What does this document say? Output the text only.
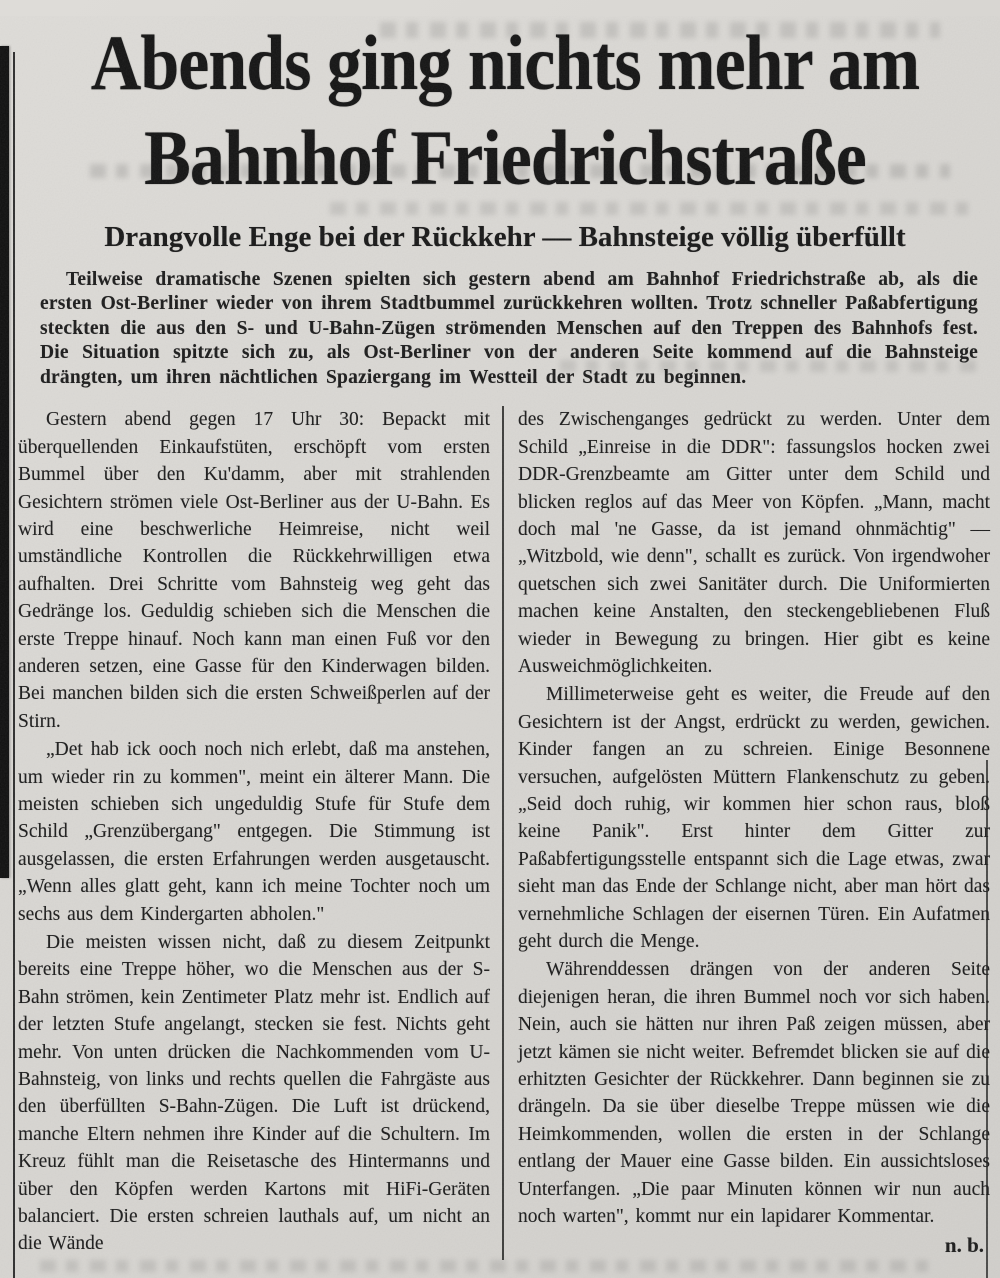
Abends ging nichts mehr am
Bahnhof Friedrichstraße
Drangvolle Enge bei der Rückkehr — Bahnsteige völlig überfüllt

Teilweise dramatische Szenen spielten sich gestern abend am Bahnhof Friedrichstraße ab, als die ersten Ost-Berliner wieder von ihrem Stadtbummel zurückkehren wollten. Trotz schneller Paßabfertigung steckten die aus den S- und U-Bahn-Zügen strömenden Menschen auf den Treppen des Bahnhofs fest. Die Situation spitzte sich zu, als Ost-Berliner von der anderen Seite kommend auf die Bahnsteige drängten, um ihren nächtlichen Spaziergang im Westteil der Stadt zu beginnen.

Gestern abend gegen 17 Uhr 30: Bepackt mit überquellenden Einkaufstüten, erschöpft vom ersten Bummel über den Ku'damm, aber mit strahlenden Gesichtern strömen viele Ost-Berliner aus der U-Bahn. Es wird eine beschwerliche Heimreise, nicht weil umständliche Kontrollen die Rückkehrwilligen etwa aufhalten. Drei Schritte vom Bahnsteig weg geht das Gedränge los. Geduldig schieben sich die Menschen die erste Treppe hinauf. Noch kann man einen Fuß vor den anderen setzen, eine Gasse für den Kinderwagen bilden. Bei manchen bilden sich die ersten Schweißperlen auf der Stirn.

„Det hab ick ooch noch nich erlebt, daß ma anstehen, um wieder rin zu kommen", meint ein älterer Mann. Die meisten schieben sich ungeduldig Stufe für Stufe dem Schild „Grenzübergang" entgegen. Die Stimmung ist ausgelassen, die ersten Erfahrungen werden ausgetauscht. „Wenn alles glatt geht, kann ich meine Tochter noch um sechs aus dem Kindergarten abholen."

Die meisten wissen nicht, daß zu diesem Zeitpunkt bereits eine Treppe höher, wo die Menschen aus der S-Bahn strömen, kein Zentimeter Platz mehr ist. Endlich auf der letzten Stufe angelangt, stecken sie fest. Nichts geht mehr. Von unten drücken die Nachkommenden vom U-Bahnsteig, von links und rechts quellen die Fahrgäste aus den überfüllten S-Bahn-Zügen. Die Luft ist drückend, manche Eltern nehmen ihre Kinder auf die Schultern. Im Kreuz fühlt man die Reisetasche des Hintermanns und über den Köpfen werden Kartons mit HiFi-Geräten balanciert. Die ersten schreien lauthals auf, um nicht an die Wände

des Zwischenganges gedrückt zu werden. Unter dem Schild „Einreise in die DDR": fassungslos hocken zwei DDR-Grenzbeamte am Gitter unter dem Schild und blicken reglos auf das Meer von Köpfen. „Mann, macht doch mal 'ne Gasse, da ist jemand ohnmächtig" — „Witzbold, wie denn", schallt es zurück. Von irgendwoher quetschen sich zwei Sanitäter durch. Die Uniformierten machen keine Anstalten, den steckengebliebenen Fluß wieder in Bewegung zu bringen. Hier gibt es keine Ausweichmöglichkeiten.

Millimeterweise geht es weiter, die Freude auf den Gesichtern ist der Angst, erdrückt zu werden, gewichen. Kinder fangen an zu schreien. Einige Besonnene versuchen, aufgelösten Müttern Flankenschutz zu geben. „Seid doch ruhig, wir kommen hier schon raus, bloß keine Panik". Erst hinter dem Gitter zur Paßabfertigungsstelle entspannt sich die Lage etwas, zwar sieht man das Ende der Schlange nicht, aber man hört das vernehmliche Schlagen der eisernen Türen. Ein Aufatmen geht durch die Menge.

Währenddessen drängen von der anderen Seite diejenigen heran, die ihren Bummel noch vor sich haben. Nein, auch sie hätten nur ihren Paß zeigen müssen, aber jetzt kämen sie nicht weiter. Befremdet blicken sie auf die erhitzten Gesichter der Rückkehrer. Dann beginnen sie zu drängeln. Da sie über dieselbe Treppe müssen wie die Heimkommenden, wollen die ersten in der Schlange entlang der Mauer eine Gasse bilden. Ein aussichtsloses Unterfangen. „Die paar Minuten können wir nun auch noch warten", kommt nur ein lapidarer Kommentar.

n. b.
